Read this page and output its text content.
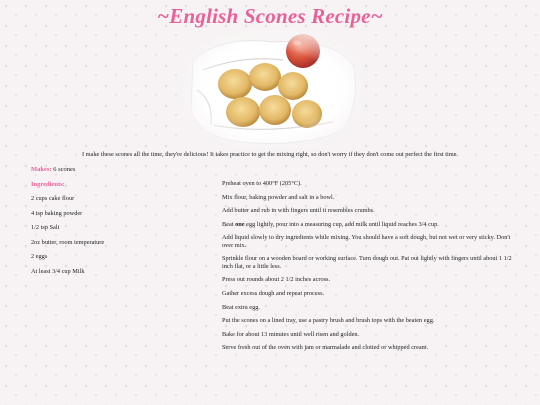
~English Scones Recipe~

I make these scones all the time, they're delicious! It takes practice to get the mixing right, so don't worry if they don't come out perfect the first time.

Makes: 6 scones

Ingredients:

2 cups cake flour
4 tsp baking powder
1/2 tsp Salt
2oz butter, room temperature
2 eggs
At least 3/4 cup Milk
Preheat oven to 400°F (205°C).
Mix flour, baking powder and salt in a bowl.
Add butter and rub in with fingers until it resembles crumbs.
Beat one egg lightly, pour into a measuring cup, add milk until liquid reaches 3/4 cup.
Add liquid slowly to dry ingredients while mixing. You should have a soft dough, but not wet or very sticky. Don't over mix.
Sprinkle flour on a wooden board or working surface. Turn dough out. Pat out lightly with fingers until about 1 1/2 inch flat, or a little less.
Press out rounds about 2 1/2 inches across.
Gather excess dough and repeat process.
Beat extra egg.
Put the scones on a lined tray, use a pastry brush and brush tops with the beaten egg.
Bake for about 13 minutes until well risen and golden.
Serve fresh out of the oven with jam or marmalade and clotted or whipped cream.
